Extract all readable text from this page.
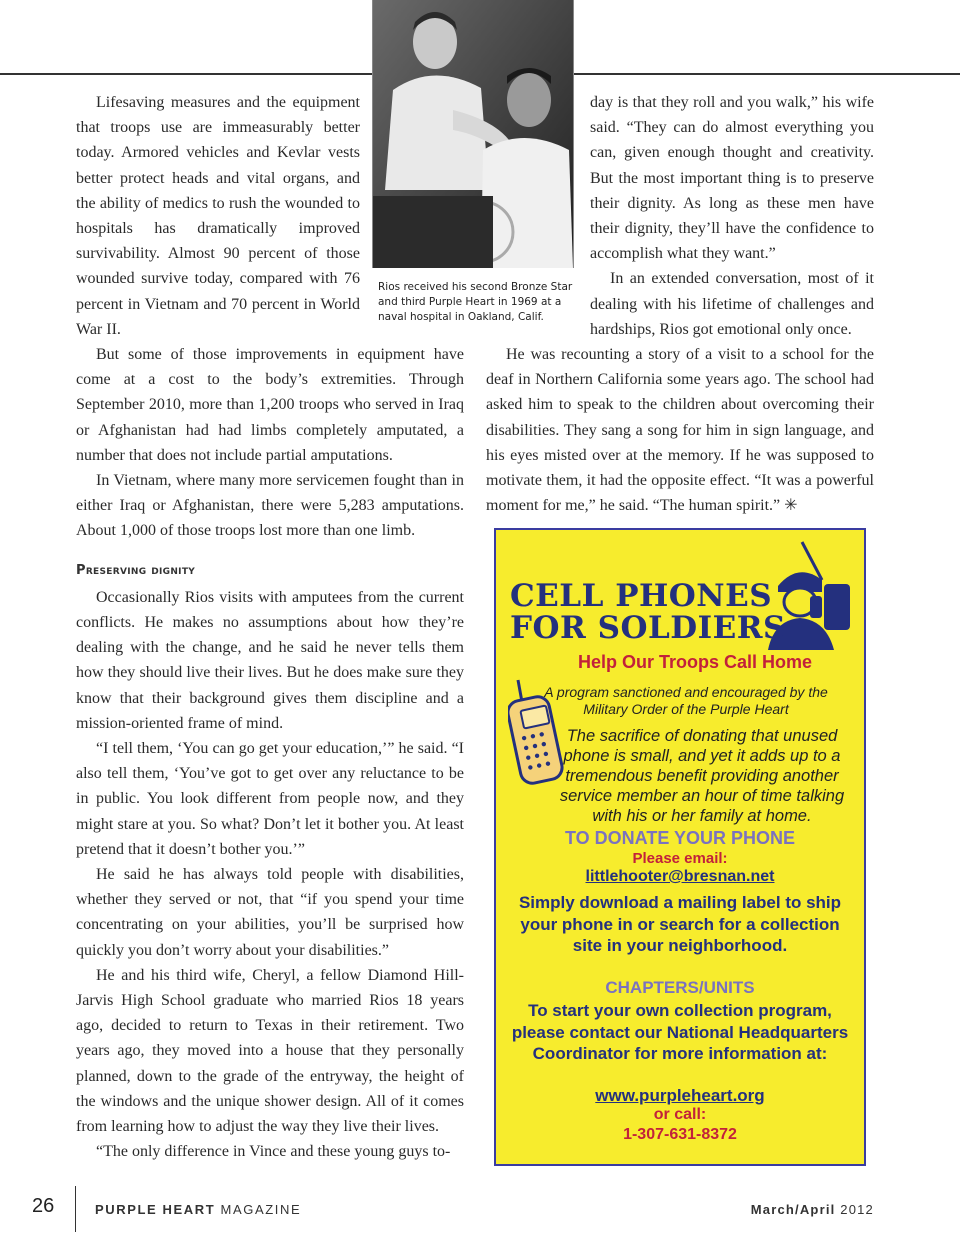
Rios received his second Bronze Star and third Purple Heart in 1969 at a naval hospital in Oakland, Calif.

Lifesaving measures and the equipment that troops use are immeasurably better today. Armored vehicles and Kevlar vests better protect heads and vital organs, and the ability of medics to rush the wounded to hospitals has dramatically improved survivability. Almost 90 percent of those wounded survive today, compared with 76 percent in Vietnam and 70 percent in World War II.

But some of those improvements in equipment have come at a cost to the body’s extremities. Through September 2010, more than 1,200 troops who served in Iraq or Afghanistan had had limbs completely amputated, a number that does not include partial amputations.

In Vietnam, where many more servicemen fought than in either Iraq or Afghanistan, there were 5,283 amputations. About 1,000 of those troops lost more than one limb.

Preserving dignity

Occasionally Rios visits with amputees from the current conflicts. He makes no assumptions about how they’re dealing with the change, and he said he never tells them how they should live their lives. But he does make sure they know that their background gives them discipline and a mission-oriented frame of mind.

“I tell them, ‘You can go get your education,’” he said. “I also tell them, ‘You’ve got to get over any reluctance to be in public. You look different from people now, and they might stare at you. So what? Don’t let it bother you. At least pretend that it doesn’t bother you.’”

He said he has always told people with disabilities, whether they served or not, that “if you spend your time concentrating on your abilities, you’ll be surprised how quickly you don’t worry about your disabilities.”

He and his third wife, Cheryl, a fellow Diamond Hill-Jarvis High School graduate who married Rios 18 years ago, decided to return to Texas in their retirement. Two years ago, they moved into a house that they personally planned, down to the grade of the entryway, the height of the windows and the unique shower design. All of it comes from learning how to adjust the way they live their lives.

“The only difference in Vince and these young guys to-

day is that they roll and you walk,” his wife said. “They can do almost everything you can, given enough thought and creativity. But the most important thing is to preserve their dignity. As long as these men have their dignity, they’ll have the confidence to accomplish what they want.”

In an extended conversation, most of it dealing with his lifetime of challenges and hardships, Rios got emotional only once.

He was recounting a story of a visit to a school for the deaf in Northern California some years ago. The school had asked him to speak to the children about overcoming their disabilities. They sang a song for him in sign language, and his eyes misted over at the memory. If he was supposed to motivate them, it had the opposite effect. “It was a powerful moment for me,” he said. “The human spirit.” ✳

CELL PHONES
FOR SOLDIERS
Help Our Troops Call Home
A program sanctioned and encouraged by the Military Order of the Purple Heart
The sacrifice of donating that unused phone is small, and yet it adds up to a tremendous benefit providing another service member an hour of time talking with his or her family at home.
TO DONATE YOUR PHONE
Please email:
littlehooter@bresnan.net
Simply download a mailing label to ship your phone in or search for a collection site in your neighborhood.
CHAPTERS/UNITS
To start your own collection program, please contact our National Headquarters Coordinator for more information at:
www.purpleheart.org
or call:
1-307-631-8372
26	PURPLE HEART MAGAZINE	March/April 2012
